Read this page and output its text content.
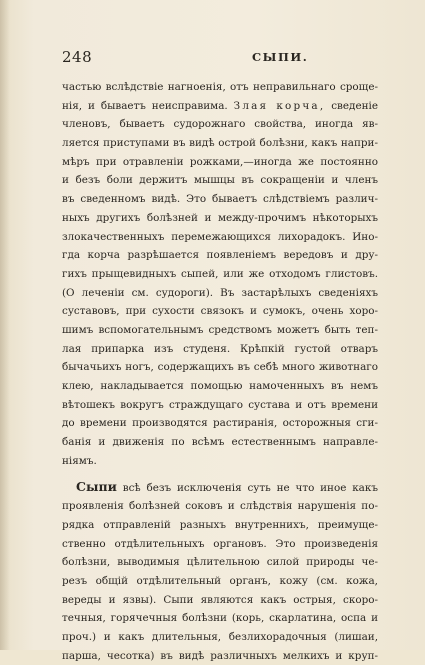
248	СЫПИ.
частью вслѣдствіе нагноенія, отъ неправильнаго срощe-
нія, и бываетъ неисправима. Злая корча, сведеніе
членовъ, бываетъ судорожнаго свойства, иногда яв-
ляется приступами въ видѣ острой болѣзни, какъ напри-
мѣръ при отравленіи рожками,—иногда же постоянно
и безъ боли держитъ мышцы въ сокращеніи и членъ
въ сведенномъ видѣ. Это бываетъ слѣдствіемъ различ-
ныхъ другихъ болѣзней и между-прочимъ нѣкоторыхъ
злокачественныхъ перемежающихся лихорадокъ. Ино-
гда корча разрѣшается появленіемъ вередовъ и дру-
гихъ прыщевидныхъ сыпей, или же отходомъ глистовъ.
(О леченіи см. судороги). Въ застарѣлыхъ сведеніяхъ
суставовъ, при сухости связокъ и сумокъ, очень хоро-
шимъ вспомогательнымъ средствомъ можетъ быть теп-
лая припарка изъ студеня. Крѣпкій густой отваръ
бычачьихъ ногъ, содержащихъ въ себѣ много животнаго
клею, накладывается помощью намоченныхъ въ немъ
вѣтошекъ вокругъ страждущаго сустава и отъ времени
до времени производятся растиранія, осторожныя сги-
банія и движенія по всѣмъ естественнымъ направле-
ніямъ.
Сыпи всѣ безъ исключенія суть не что иное какъ
проявленія болѣзней соковъ и слѣдствія нарушенія по-
рядка отправленій разныхъ внутреннихъ, преимуще-
ственно отдѣлительныхъ органовъ. Это произведенія
болѣзни, выводимыя цѣлительною силой природы че-
резъ общій отдѣлительный органъ, кожу (см. кожа,
вереды и язвы). Сыпи являются какъ острыя, скоро-
течныя, горячечныя болѣзни (корь, скарлатина, оспа и
проч.) и какъ длительныя, безлихорадочныя (лишаи,
парша, чесотка) въ видѣ различныхъ мелкихъ и круп-
